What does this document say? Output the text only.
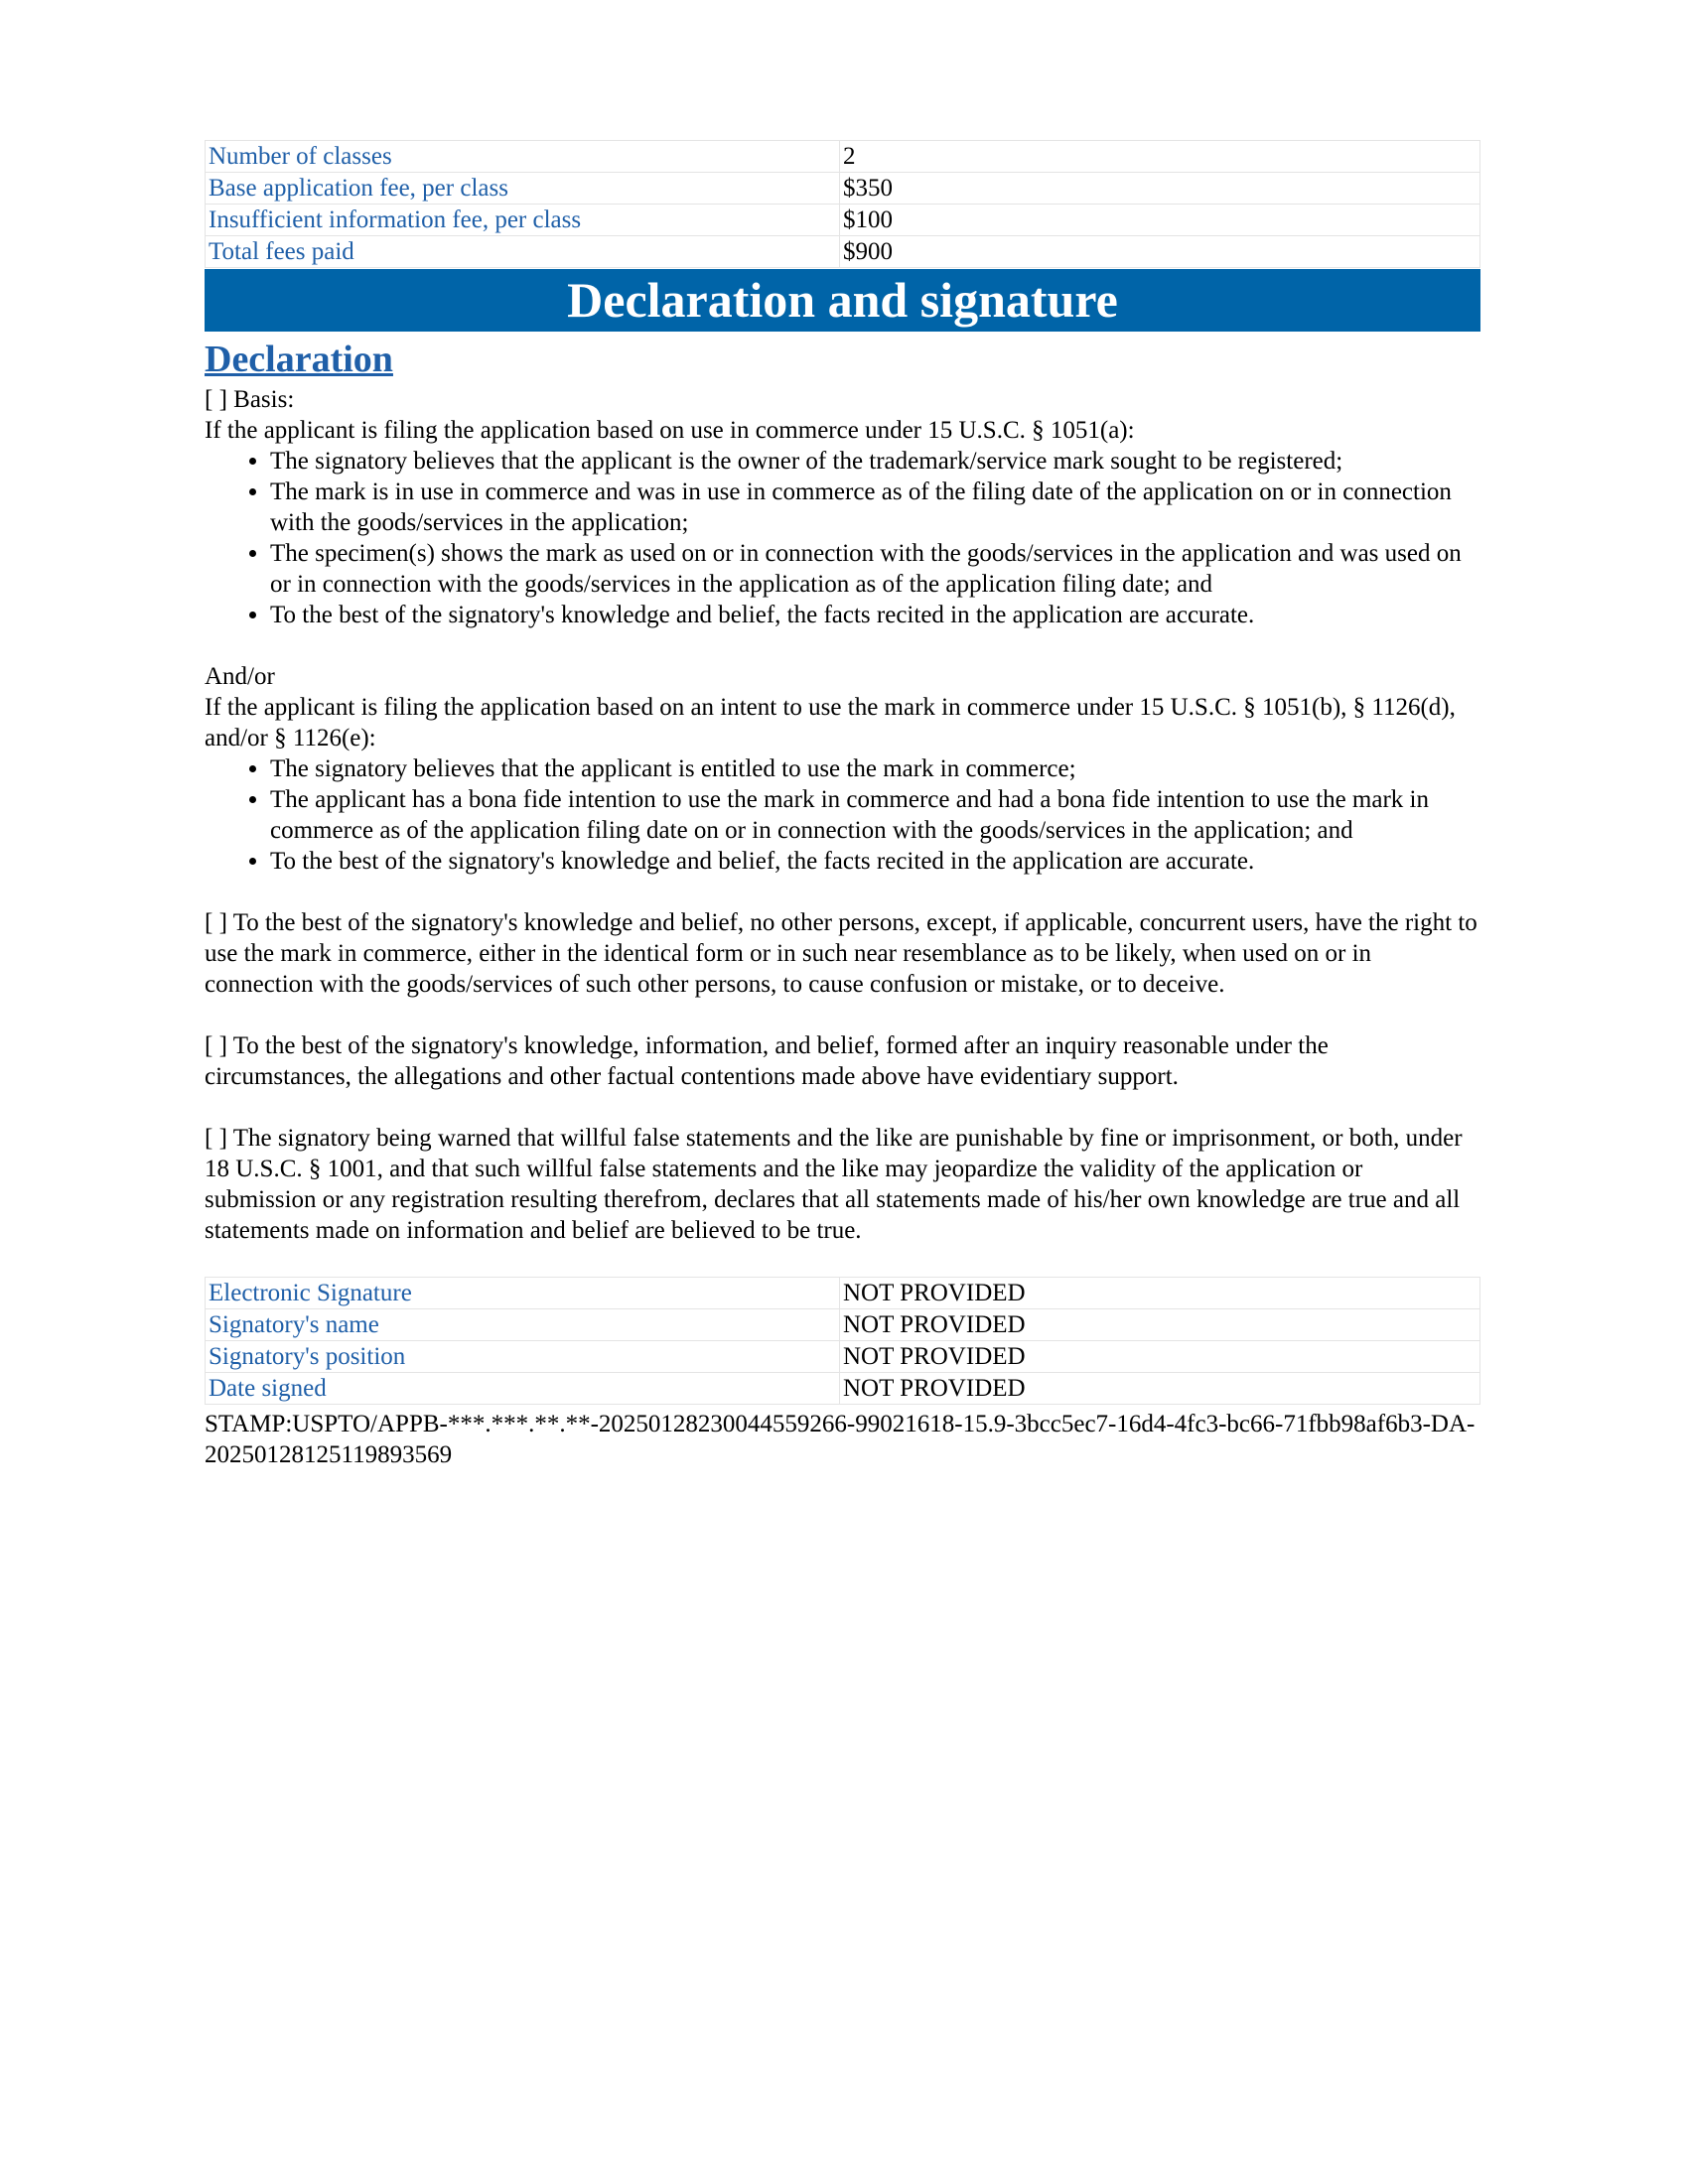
Number of classes	2
Base application fee, per class	$350
Insufficient information fee, per class	$100
Total fees paid	$900
Declaration and signature
Declaration
[ ] Basis:
If the applicant is filing the application based on use in commerce under 15 U.S.C. § 1051(a):
• The signatory believes that the applicant is the owner of the trademark/service mark sought to be registered;
• The mark is in use in commerce and was in use in commerce as of the filing date of the application on or in connection with the goods/services in the application;
• The specimen(s) shows the mark as used on or in connection with the goods/services in the application and was used on or in connection with the goods/services in the application as of the application filing date; and
• To the best of the signatory's knowledge and belief, the facts recited in the application are accurate.
And/or
If the applicant is filing the application based on an intent to use the mark in commerce under 15 U.S.C. § 1051(b), § 1126(d), and/or § 1126(e):
• The signatory believes that the applicant is entitled to use the mark in commerce;
• The applicant has a bona fide intention to use the mark in commerce and had a bona fide intention to use the mark in commerce as of the application filing date on or in connection with the goods/services in the application; and
• To the best of the signatory's knowledge and belief, the facts recited in the application are accurate.
[ ] To the best of the signatory's knowledge and belief, no other persons, except, if applicable, concurrent users, have the right to use the mark in commerce, either in the identical form or in such near resemblance as to be likely, when used on or in connection with the goods/services of such other persons, to cause confusion or mistake, or to deceive.
[ ] To the best of the signatory's knowledge, information, and belief, formed after an inquiry reasonable under the circumstances, the allegations and other factual contentions made above have evidentiary support.
[ ] The signatory being warned that willful false statements and the like are punishable by fine or imprisonment, or both, under 18 U.S.C. § 1001, and that such willful false statements and the like may jeopardize the validity of the application or submission or any registration resulting therefrom, declares that all statements made of his/her own knowledge are true and all statements made on information and belief are believed to be true.
Electronic Signature	NOT PROVIDED
Signatory's name	NOT PROVIDED
Signatory's position	NOT PROVIDED
Date signed	NOT PROVIDED
STAMP:USPTO/APPB-***.***.**.**-20250128230044559266-99021618-15.9-3bcc5ec7-16d4-4fc3-bc66-71fbb98af6b3-DA-20250128125119893569
